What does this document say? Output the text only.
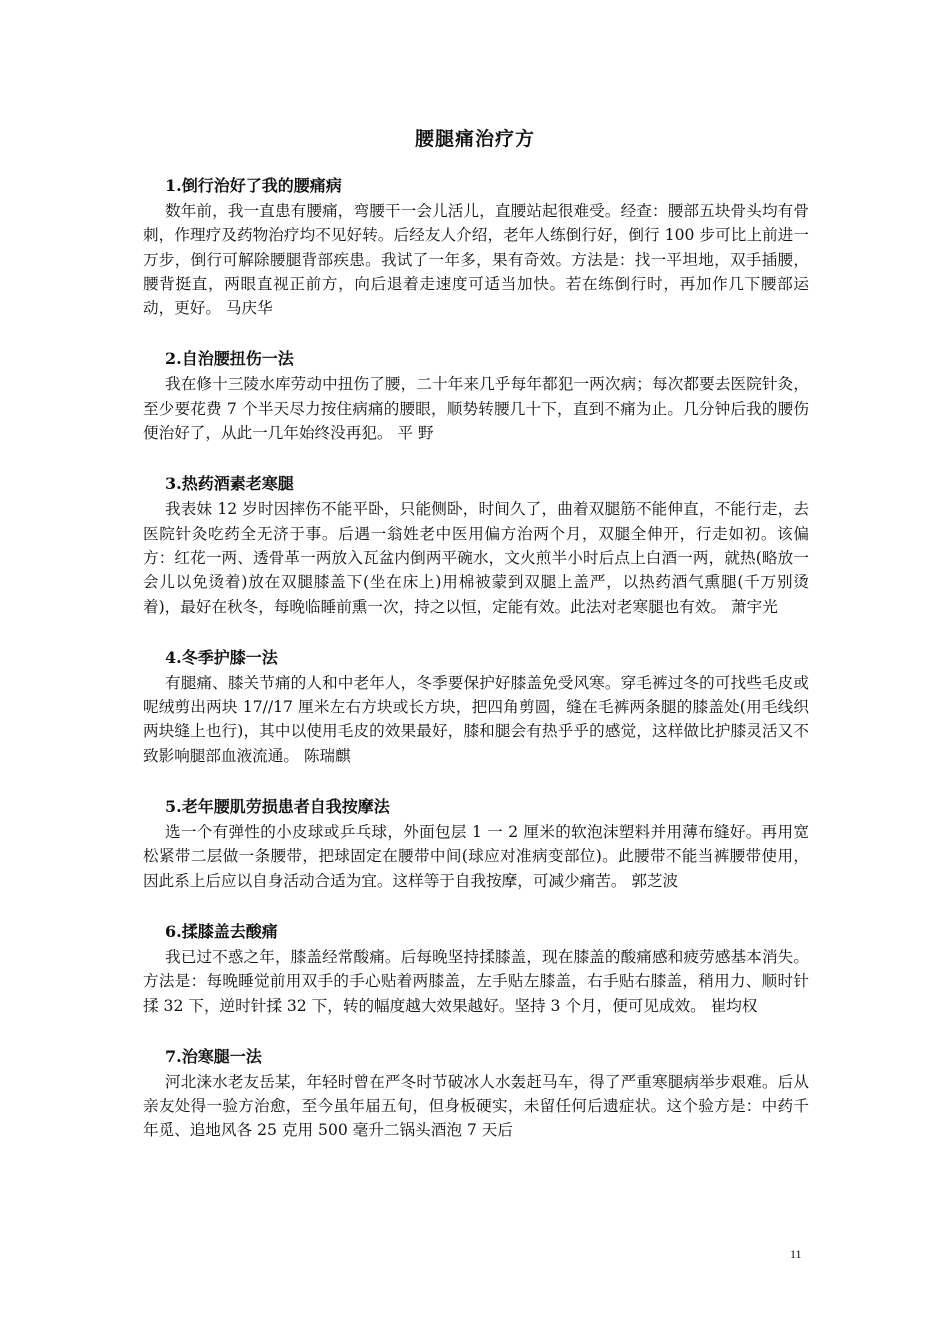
腰腿痛治疗方
1.倒行治好了我的腰痛病

数年前，我一直患有腰痛，弯腰干一会儿活儿，直腰站起很难受。经查：腰部五块骨头均有骨刺，作理疗及药物治疗均不见好转。后经友人介绍，老年人练倒行好，倒行 100 步可比上前进一万步，倒行可解除腰腿背部疾患。我试了一年多，果有奇效。方法是：找一平坦地，双手插腰，腰背挺直，两眼直视正前方，向后退着走速度可适当加快。若在练倒行时，再加作几下腰部运动，更好。 马庆华

2.自治腰扭伤一法

我在修十三陵水库劳动中扭伤了腰，二十年来几乎每年都犯一两次病；每次都要去医院针灸，至少要花费 7 个半天尽力按住病痛的腰眼，顺势转腰几十下，直到不痛为止。几分钟后我的腰伤便治好了，从此一几年始终没再犯。 平 野

3.热药酒素老寒腿

我表妹 12 岁时因摔伤不能平卧，只能侧卧，时间久了，曲着双腿筋不能伸直，不能行走，去医院针灸吃药全无济于事。后遇一翁姓老中医用偏方治两个月，双腿全伸开，行走如初。该偏方：红花一两、透骨革一两放入瓦盆内倒两平碗水，文火煎半小时后点上白酒一两，就热(略放一会儿以免烫着)放在双腿膝盖下(坐在床上)用棉被蒙到双腿上盖严，以热药酒气熏腿(千万别烫着)，最好在秋冬，每晚临睡前熏一次，持之以恒，定能有效。此法对老寒腿也有效。 萧宇光

4.冬季护膝一法

有腿痛、膝关节痛的人和中老年人，冬季要保护好膝盖免受风寒。穿毛裤过冬的可找些毛皮或呢绒剪出两块 17//17 厘米左右方块或长方块，把四角剪圆，缝在毛裤两条腿的膝盖处(用毛线织两块缝上也行)，其中以使用毛皮的效果最好，膝和腿会有热乎乎的感觉，这样做比护膝灵活又不致影响腿部血液流通。 陈瑞麒

5.老年腰肌劳损患者自我按摩法

选一个有弹性的小皮球或乒乓球，外面包层 1 一 2 厘米的软泡沫塑料并用薄布缝好。再用宽松紧带二层做一条腰带，把球固定在腰带中间(球应对准病变部位)。此腰带不能当裤腰带使用，因此系上后应以自身活动合适为宜。这样等于自我按摩，可减少痛苦。 郭芝波

6.揉膝盖去酸痛

我已过不惑之年，膝盖经常酸痛。后每晚坚持揉膝盖，现在膝盖的酸痛感和疲劳感基本消失。方法是：每晚睡觉前用双手的手心贴着两膝盖，左手贴左膝盖，右手贴右膝盖，稍用力、顺时针揉 32 下，逆时针揉 32 下，转的幅度越大效果越好。坚持 3 个月，便可见成效。 崔均权

7.治寒腿一法

河北涞水老友岳某，年轻时曾在严冬时节破冰人水轰赶马车，得了严重寒腿病举步艰难。后从亲友处得一验方治愈，至今虽年届五旬，但身板硬实，未留任何后遗症状。这个验方是：中药千年觅、追地风各 25 克用 500 毫升二锅头酒泡 7 天后

11
